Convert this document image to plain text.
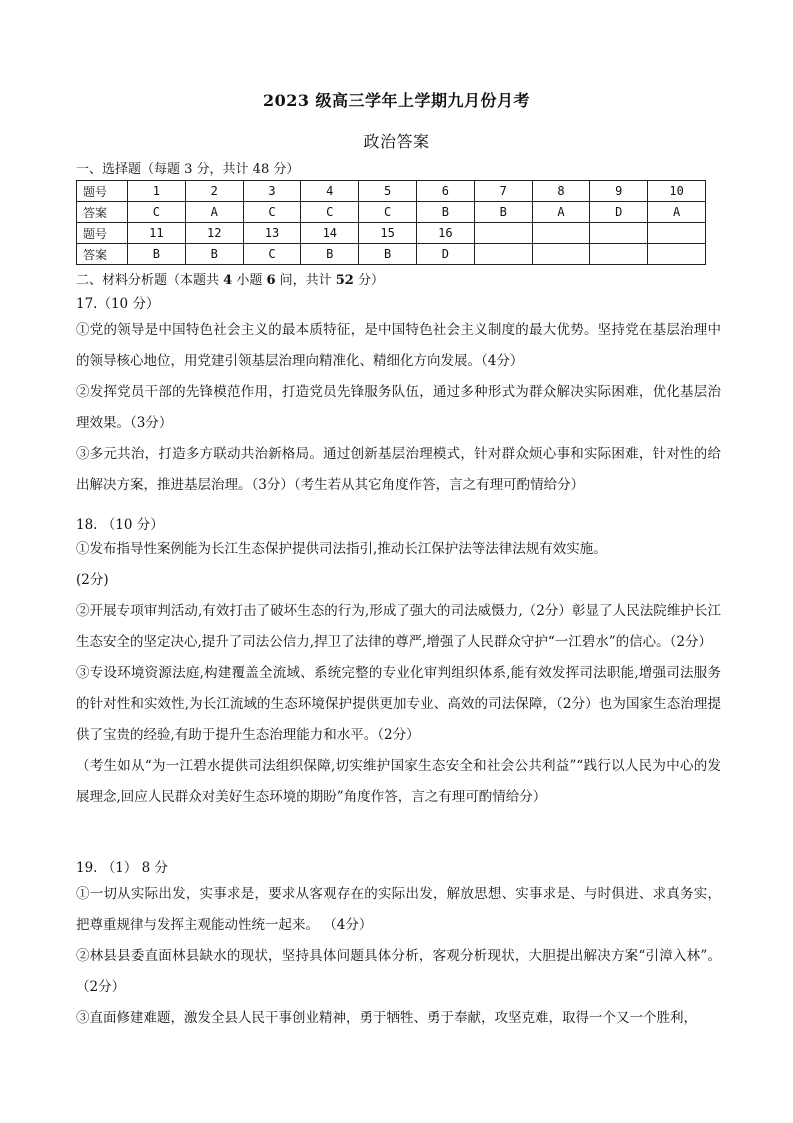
2023 级高三学年上学期九月份月考
政治答案
一、选择题（每题 3 分，共计 48 分）
题号	1	2	3	4	5	6	7	8	9	10
答案	C	A	C	C	C	B	B	A	D	A
题号	11	12	13	14	15	16				
答案	B	B	C	B	B	D				
二、材料分析题（本题共 4 小题 6 问，共计 52 分）
17.（10 分）

①党的领导是中国特色社会主义的最本质特征，是中国特色社会主义制度的最大优势。坚持党在基层治理中的领导核心地位，用党建引领基层治理向精准化、精细化方向发展。（4分）

②发挥党员干部的先锋模范作用，打造党员先锋服务队伍，通过多种形式为群众解决实际困难，优化基层治理效果。（3分）

③多元共治，打造多方联动共治新格局。通过创新基层治理模式，针对群众烦心事和实际困难，针对性的给出解决方案，推进基层治理。（3分）（考生若从其它角度作答，言之有理可酌情给分）

18. （10 分）

①发布指导性案例能为长江生态保护提供司法指引,推动长江保护法等法律法规有效实施。

(2分)

②开展专项审判活动,有效打击了破坏生态的行为,形成了强大的司法威慑力,（2分）彰显了人民法院维护长江生态安全的坚定决心,提升了司法公信力,捍卫了法律的尊严,增强了人民群众守护“一江碧水”的信心。（2分）

③专设环境资源法庭,构建覆盖全流域、系统完整的专业化审判组织体系,能有效发挥司法职能,增强司法服务的针对性和实效性,为长江流域的生态环境保护提供更加专业、高效的司法保障，（2分）也为国家生态治理提供了宝贵的经验,有助于提升生态治理能力和水平。（2分）

（考生如从“为一江碧水提供司法组织保障,切实维护国家生态安全和社会公共利益”“践行以人民为中心的发展理念,回应人民群众对美好生态环境的期盼”角度作答，言之有理可酌情给分）

19. （1） 8 分

①一切从实际出发，实事求是，要求从客观存在的实际出发，解放思想、实事求是、与时俱进、求真务实，把尊重规律与发挥主观能动性统一起来。 （4分）

②林县县委直面林县缺水的现状，坚持具体问题具体分析，客观分析现状，大胆提出解决方案“引漳入林”。（2分）

③直面修建难题，激发全县人民干事创业精神，勇于牺牲、勇于奉献，攻坚克难，取得一个又一个胜利，
